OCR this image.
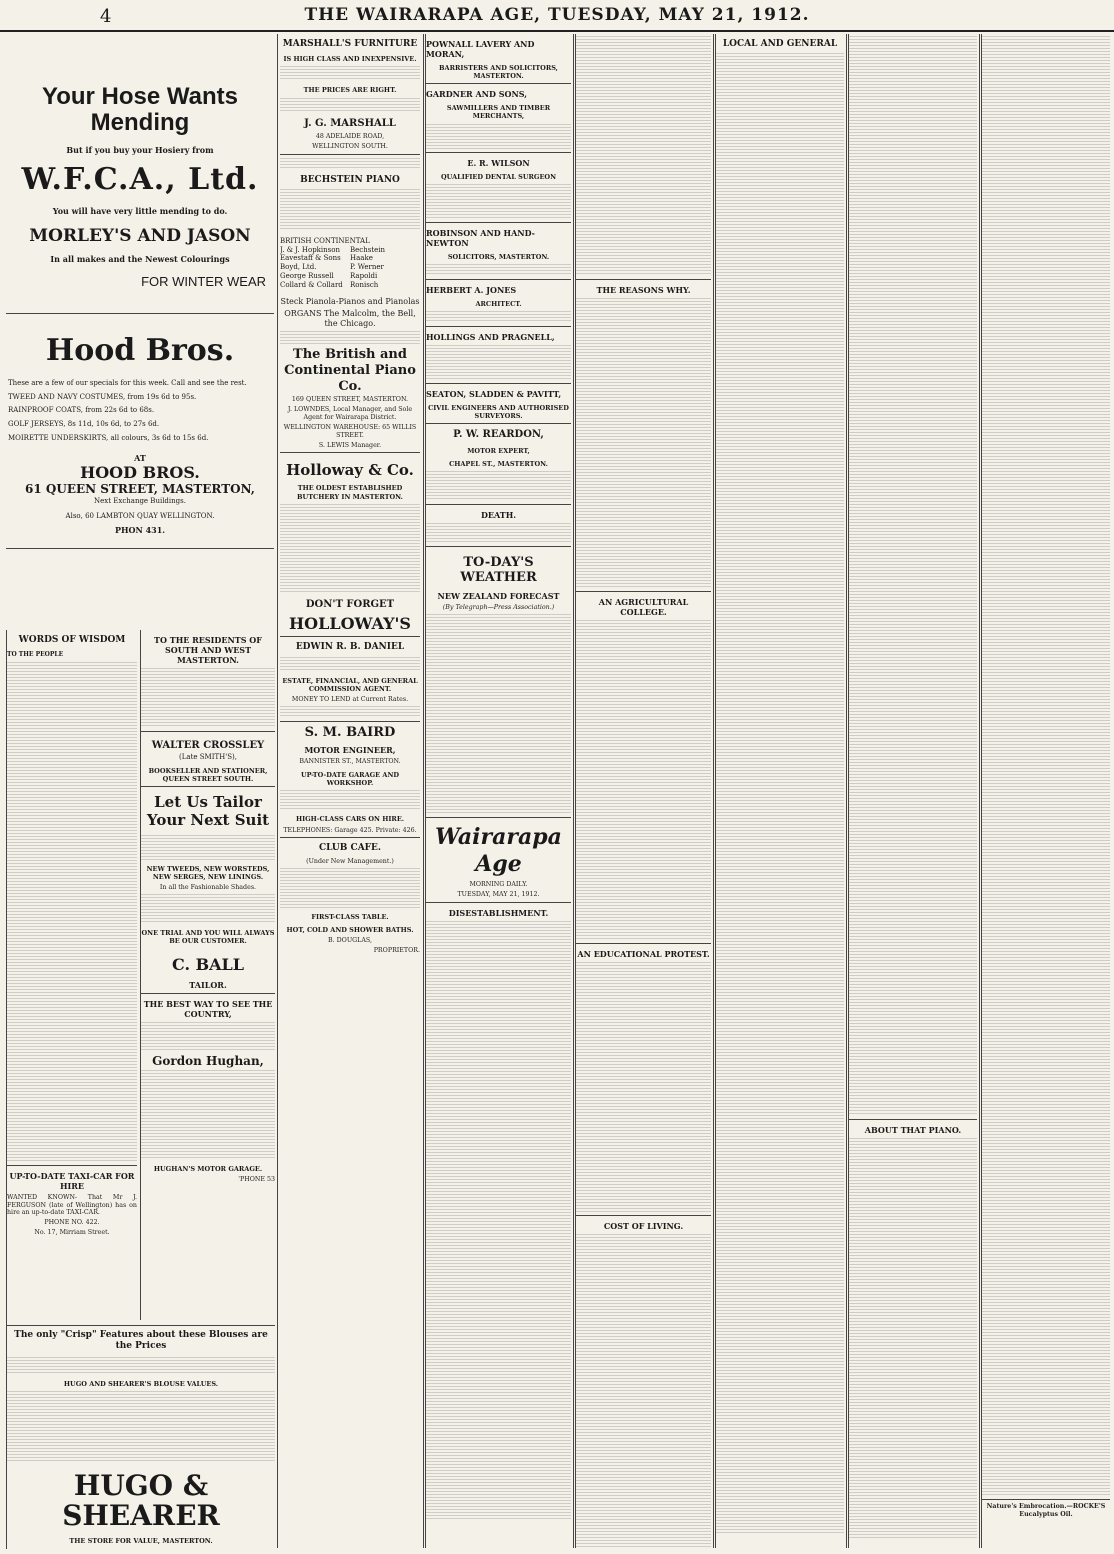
4	THE WAIRARAPA AGE, TUESDAY, MAY 21, 1912.
Your Hose Wants Mending
But if you buy your Hosiery from
W.F.C.A., Ltd.
You will have very little mending to do.
MORLEY'S AND JASON
In all makes and the Newest Colourings
FOR WINTER WEAR
Hood Bros.
These are a few of our specials for this week. Call and see the rest.
TWEED AND NAVY COSTUMES, from 19s 6d to 95s.
RAINPROOF COATS, from 22s 6d to 68s.
GOLF JERSEYS, 8s 11d, 10s 6d, to 27s 6d.
MOIRETTE UNDERSKIRTS, all colours, 3s 6d to 15s 6d.
AT
HOOD BROS.
61 QUEEN STREET, MASTERTON,
Next Exchange Buildings.
Also, 60 LAMBTON QUAY WELLINGTON.
PHON 431.
WORDS OF WISDOM
TO THE PEOPLE
UP-TO-DATE TAXI-CAR FOR HIRE
WANTED KNOWN- That Mr J. FERGUSON (late of Wellington) has on hire an up-to-date TAXI-CAR.
PHONE NO. 422.
No. 17, Mirriam Street.
TO THE RESIDENTS OF SOUTH AND WEST MASTERTON.
WALTER CROSSLEY
(Late SMITH'S),
BOOKSELLER AND STATIONER, QUEEN STREET SOUTH.
Let Us Tailor Your Next Suit
NEW TWEEDS, NEW WORSTEDS, NEW SERGES, NEW LININGS.
In all the Fashionable Shades.
ONE TRIAL AND YOU WILL ALWAYS BE OUR CUSTOMER.
C. BALL
TAILOR.
THE BEST WAY TO SEE THE COUNTRY,
Gordon Hughan,
HUGHAN'S MOTOR GARAGE.
'PHONE 53
The only "Crisp" Features about these Blouses are the Prices
HUGO AND SHEARER'S BLOUSE VALUES.
HUGO & SHEARER
THE STORE FOR VALUE, MASTERTON.
MARSHALL'S FURNITURE
IS HIGH CLASS AND INEXPENSIVE.
THE PRICES ARE RIGHT.
J. G. MARSHALL
48 ADELAIDE ROAD,
WELLINGTON SOUTH.
BECHSTEIN PIANO
BRITISH CONTINENTAL
J. & J. Hopkinson	Bechstein
Eavestaff & Sons	Haake
Boyd, Ltd.	P. Werner
George Russell	Rapoldi
Collard & Collard	Ronisch
Steck Pianola-Pianos and Pianolas
ORGANS The Malcolm, the Bell, the Chicago.
The British and Continental Piano Co.
169 QUEEN STREET, MASTERTON.
J. LOWNDES, Local Manager, and Sole Agent for Wairarapa District.
WELLINGTON WAREHOUSE: 65 WILLIS STREET.
S. LEWIS Manager.
Holloway & Co.
THE OLDEST ESTABLISHED BUTCHERY IN MASTERTON.
DON'T FORGET
HOLLOWAY'S
EDWIN R. B. DANIEL
ESTATE, FINANCIAL, AND GENERAL COMMISSION AGENT.
MONEY TO LEND at Current Rates.
S. M. BAIRD
MOTOR ENGINEER,
BANNISTER ST., MASTERTON.
UP-TO-DATE GARAGE AND WORKSHOP.
HIGH-CLASS CARS ON HIRE.
TELEPHONES: Garage 425. Private: 426.
CLUB CAFE.
(Under New Management.)
FIRST-CLASS TABLE.
HOT, COLD AND SHOWER BATHS.
B. DOUGLAS,
PROPRIETOR.
POWNALL LAVERY AND MORAN,
BARRISTERS AND SOLICITORS, MASTERTON.
GARDNER AND SONS,
SAWMILLERS AND TIMBER MERCHANTS,
E. R. WILSON
QUALIFIED DENTAL SURGEON
ROBINSON AND HAND-NEWTON
SOLICITORS, MASTERTON.
HERBERT A. JONES
ARCHITECT.
HOLLINGS AND PRAGNELL,
SEATON, SLADDEN & PAVITT,
CIVIL ENGINEERS AND AUTHORISED SURVEYORS.
P. W. REARDON,
MOTOR EXPERT,
CHAPEL ST., MASTERTON.
DEATH.
TO-DAY'S WEATHER
NEW ZEALAND FORECAST
(By Telegraph—Press Association.)
Wairarapa Age
MORNING DAILY.
TUESDAY, MAY 21, 1912.
DISESTABLISHMENT.
THE REASONS WHY.
AN AGRICULTURAL COLLEGE.
AN EDUCATIONAL PROTEST.
COST OF LIVING.
LOCAL AND GENERAL
ABOUT THAT PIANO.
Nature's Embrocation.—ROCKE'S Eucalyptus Oil.
